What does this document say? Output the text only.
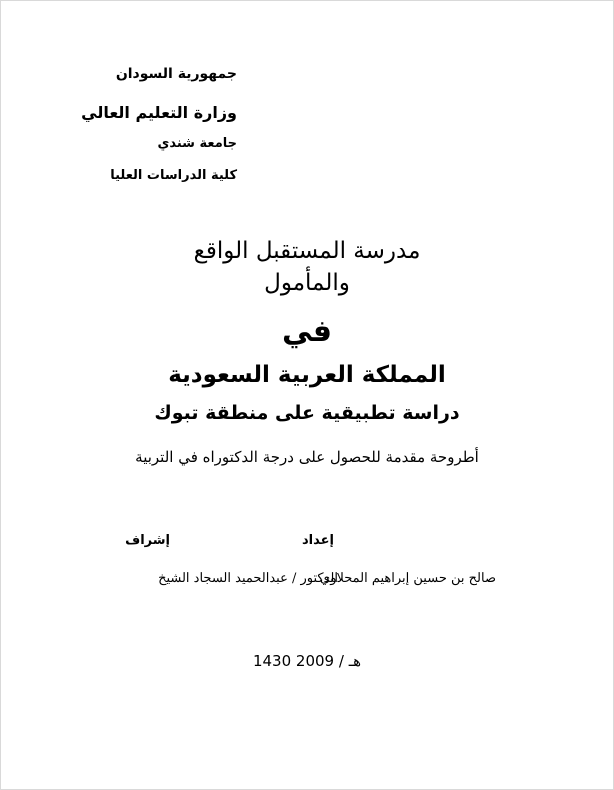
جمهورية السودان
وزارة التعليم العالي
جامعة شندي
كلية الدراسات العليا
مدرسة المستقبل الواقع
والمأمول
في
المملكة العربية السعودية
دراسة تطبيقية على منطقة تبوك
أطروحة مقدمة للحصول على درجة الدكتوراه في التربية
إعداد
إشراف
صالح بن حسين إبراهيم المحلاوي
الدكتور / عبدالحميد السجاد الشيخ
1430 هـ / 2009
